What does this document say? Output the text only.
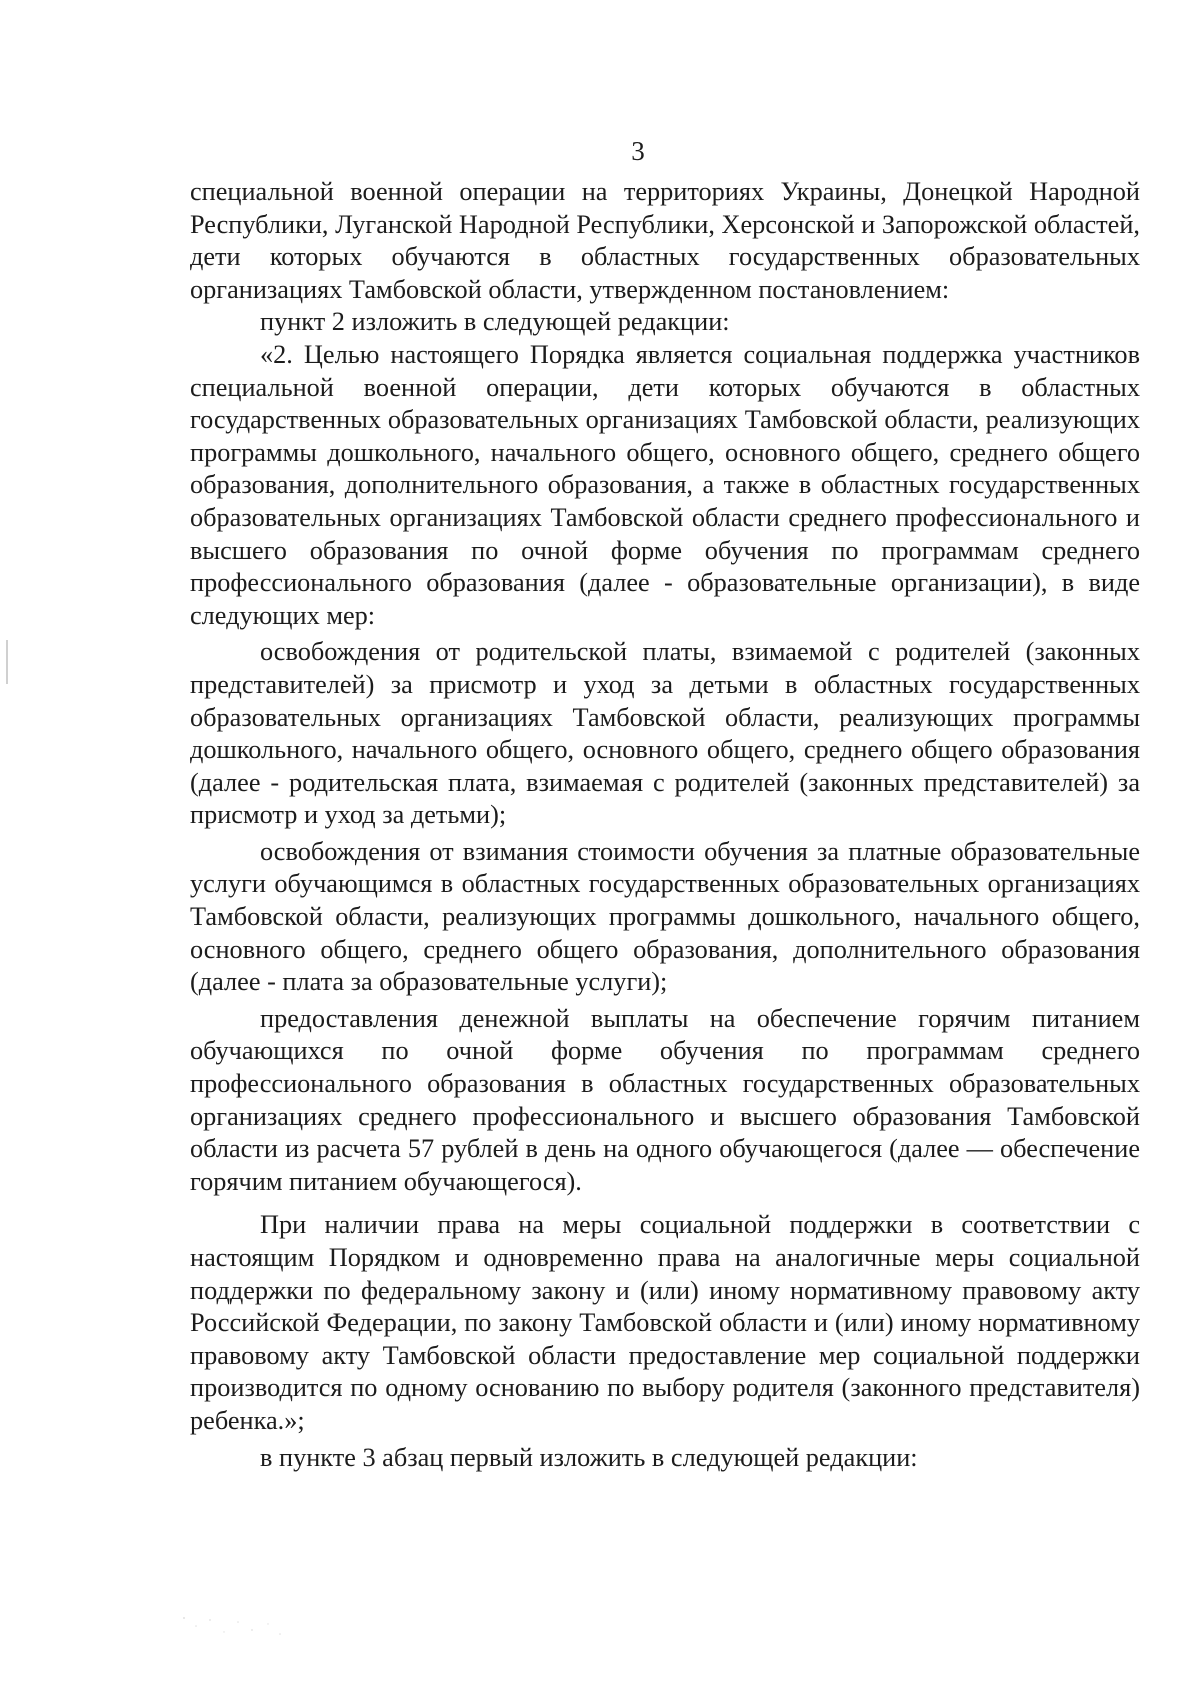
3

специальной военной операции на территориях Украины, Донецкой Народной Республики, Луганской Народной Республики, Херсонской и Запорожской областей, дети которых обучаются в областных государственных образовательных организациях Тамбовской области, утвержденном постановлением:

пункт 2 изложить в следующей редакции:

«2. Целью настоящего Порядка является социальная поддержка участников специальной военной операции, дети которых обучаются в областных государственных образовательных организациях Тамбовской области, реализующих программы дошкольного, начального общего, основного общего, среднего общего образования, дополнительного образования, а также в областных государственных образовательных организациях Тамбовской области среднего профессионального и высшего образования по очной форме обучения по программам среднего профессионального образования (далее - образовательные организации), в виде следующих мер:

освобождения от родительской платы, взимаемой с родителей (законных представителей) за присмотр и уход за детьми в областных государственных образовательных организациях Тамбовской области, реализующих программы дошкольного, начального общего, основного общего, среднего общего образования (далее - родительская плата, взимаемая с родителей (законных представителей) за присмотр и уход за детьми);

освобождения от взимания стоимости обучения за платные образовательные услуги обучающимся в областных государственных образовательных организациях Тамбовской области, реализующих программы дошкольного, начального общего, основного общего, среднего общего образования, дополнительного образования (далее - плата за образовательные услуги);

предоставления денежной выплаты на обеспечение горячим питанием обучающихся по очной форме обучения по программам среднего профессионального образования в областных государственных образовательных организациях среднего профессионального и высшего образования Тамбовской области из расчета 57 рублей в день на одного обучающегося (далее — обеспечение горячим питанием обучающегося).

При наличии права на меры социальной поддержки в соответствии с настоящим Порядком и одновременно права на аналогичные меры социальной поддержки по федеральному закону и (или) иному нормативному правовому акту Российской Федерации, по закону Тамбовской области и (или) иному нормативному правовому акту Тамбовской области предоставление мер социальной поддержки производится по одному основанию по выбору родителя (законного представителя) ребенка.»;

в пункте 3 абзац первый изложить в следующей редакции:
